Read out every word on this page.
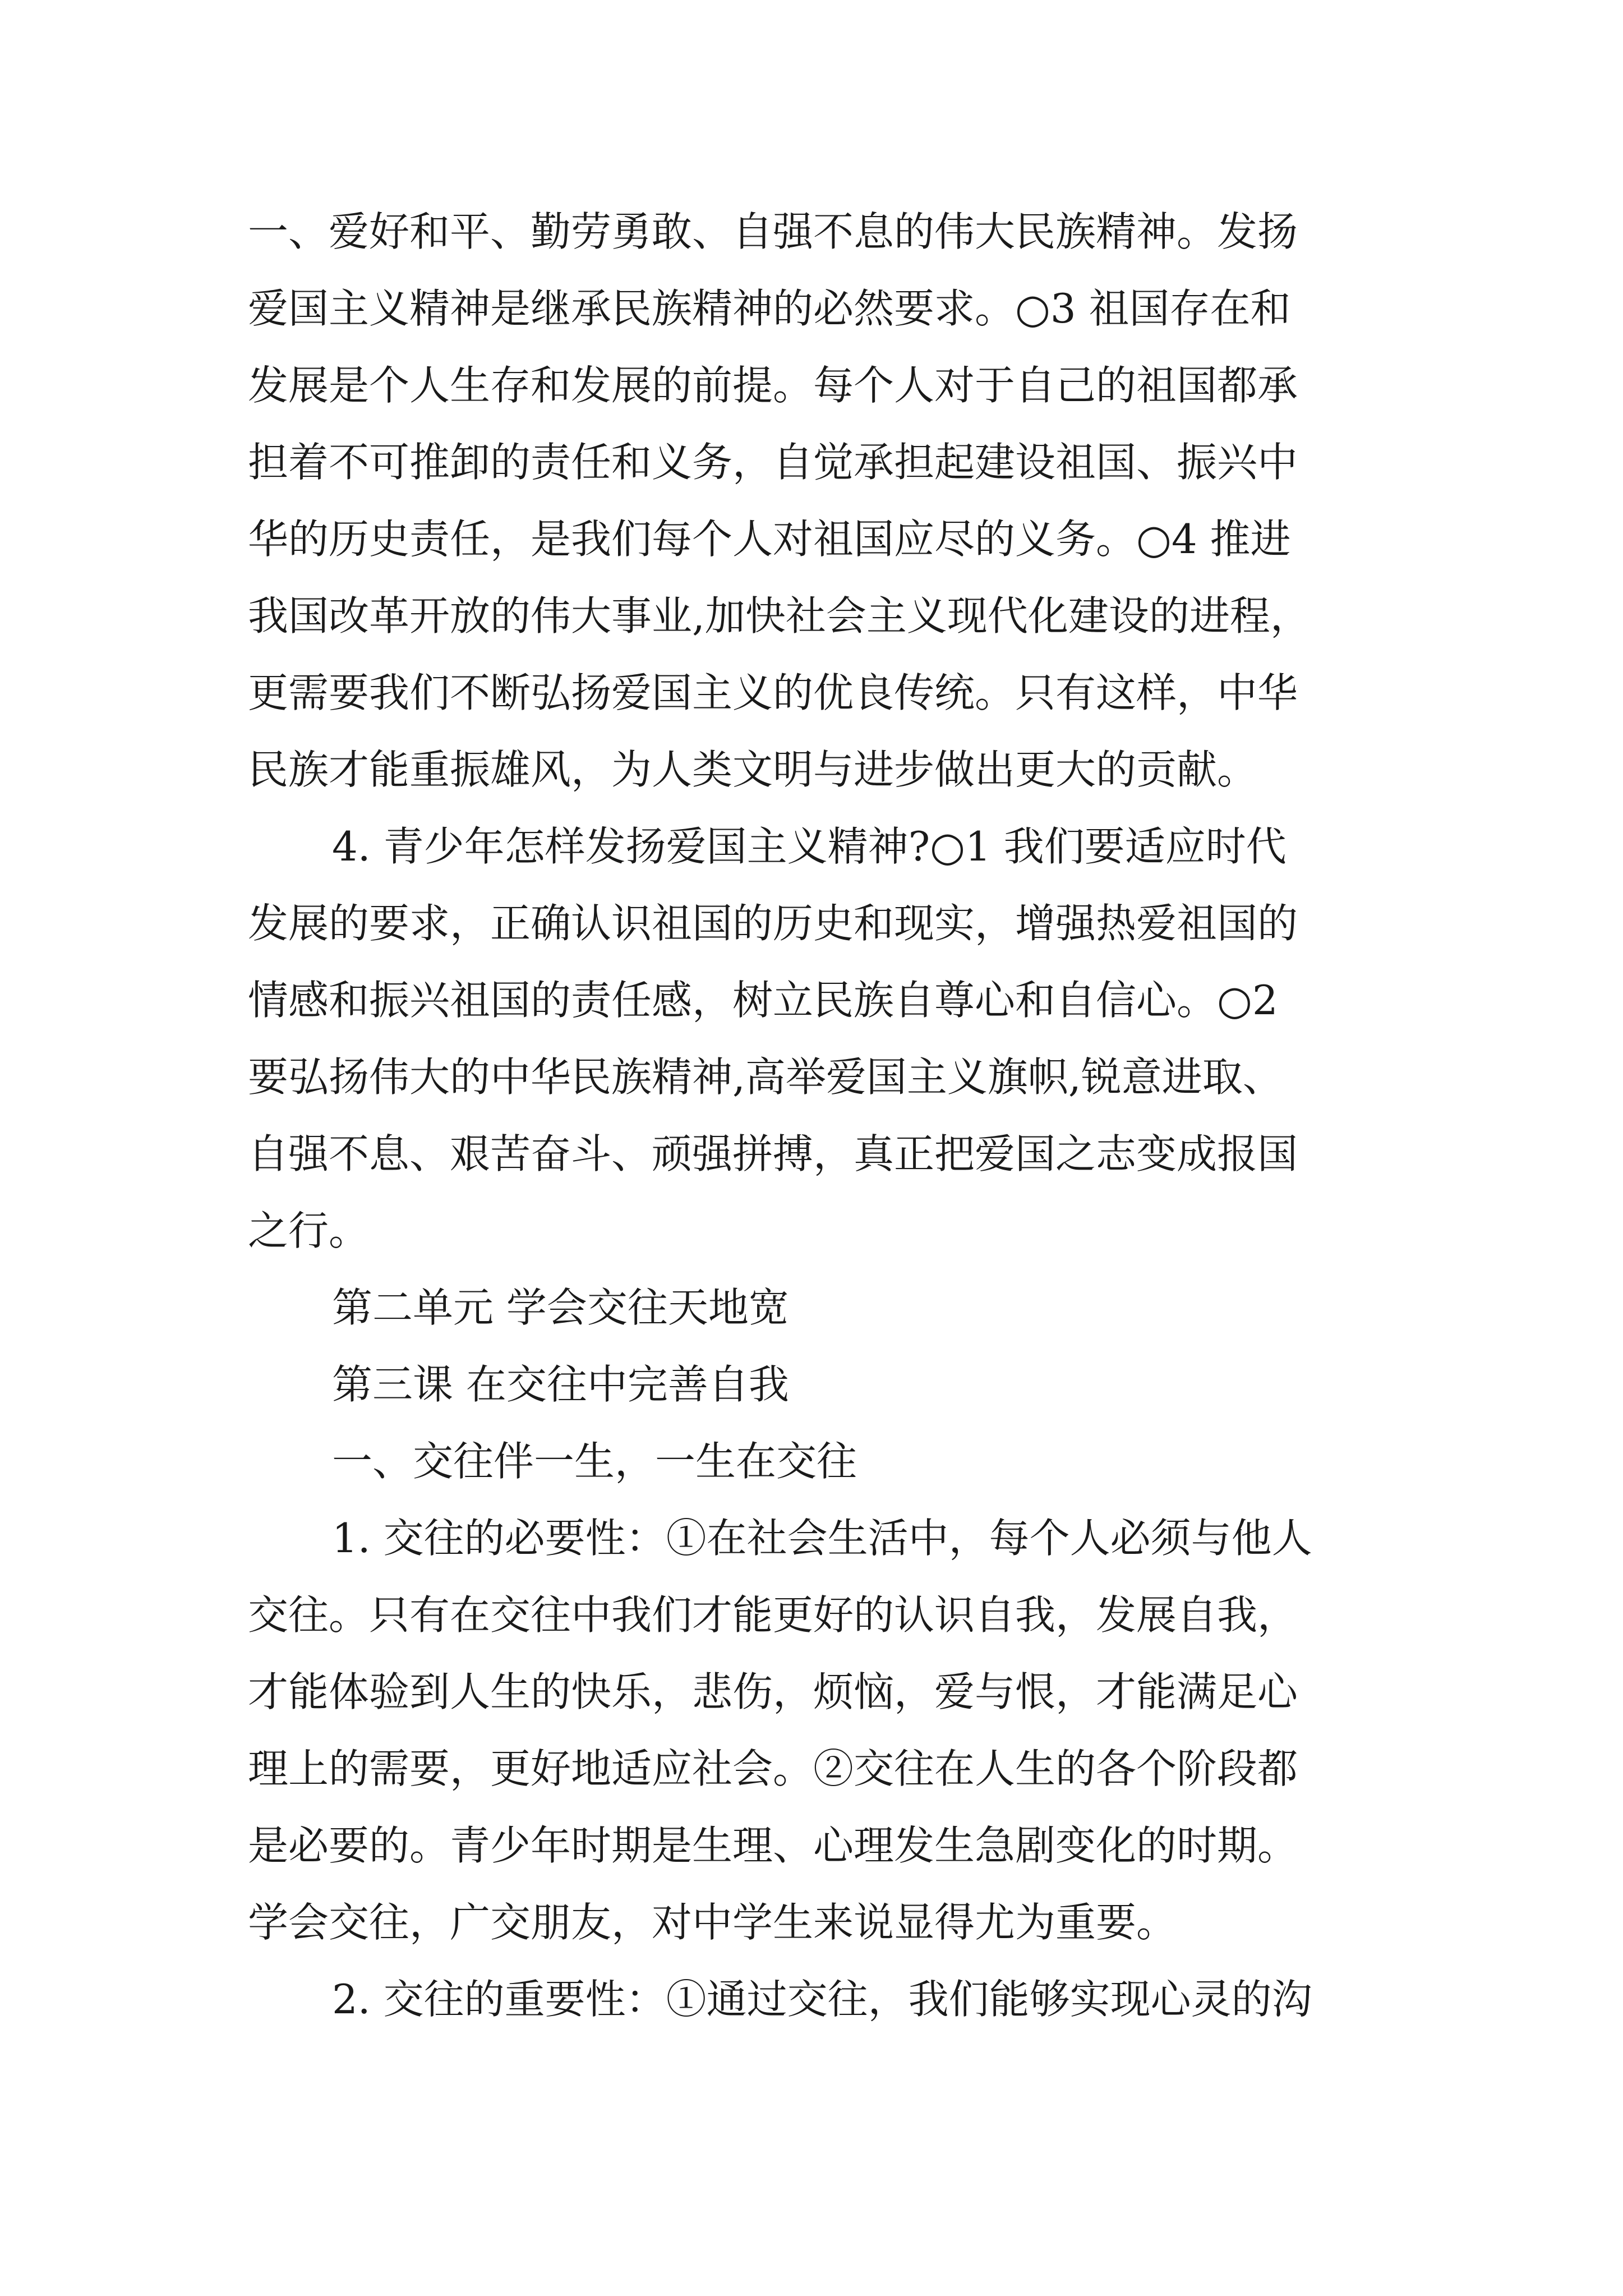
一、爱好和平、勤劳勇敢、自强不息的伟大民族精神。发扬
爱国主义精神是继承民族精神的必然要求。○3 祖国存在和
发展是个人生存和发展的前提。每个人对于自己的祖国都承
担着不可推卸的责任和义务，自觉承担起建设祖国、振兴中
华的历史责任，是我们每个人对祖国应尽的义务。○4 推进
我国改革开放的伟大事业,加快社会主义现代化建设的进程，
更需要我们不断弘扬爱国主义的优良传统。只有这样，中华
民族才能重振雄风，为人类文明与进步做出更大的贡献。
4. 青少年怎样发扬爱国主义精神?○1 我们要适应时代
发展的要求，正确认识祖国的历史和现实，增强热爱祖国的
情感和振兴祖国的责任感，树立民族自尊心和自信心。○2
要弘扬伟大的中华民族精神,高举爱国主义旗帜,锐意进取、
自强不息、艰苦奋斗、顽强拼搏，真正把爱国之志变成报国
之行。
第二单元 学会交往天地宽
第三课 在交往中完善自我
一、交往伴一生，一生在交往
1. 交往的必要性：①在社会生活中，每个人必须与他人
交往。只有在交往中我们才能更好的认识自我，发展自我，
才能体验到人生的快乐，悲伤，烦恼，爱与恨，才能满足心
理上的需要，更好地适应社会。②交往在人生的各个阶段都
是必要的。青少年时期是生理、心理发生急剧变化的时期。
学会交往，广交朋友，对中学生来说显得尤为重要。
2. 交往的重要性：①通过交往，我们能够实现心灵的沟
